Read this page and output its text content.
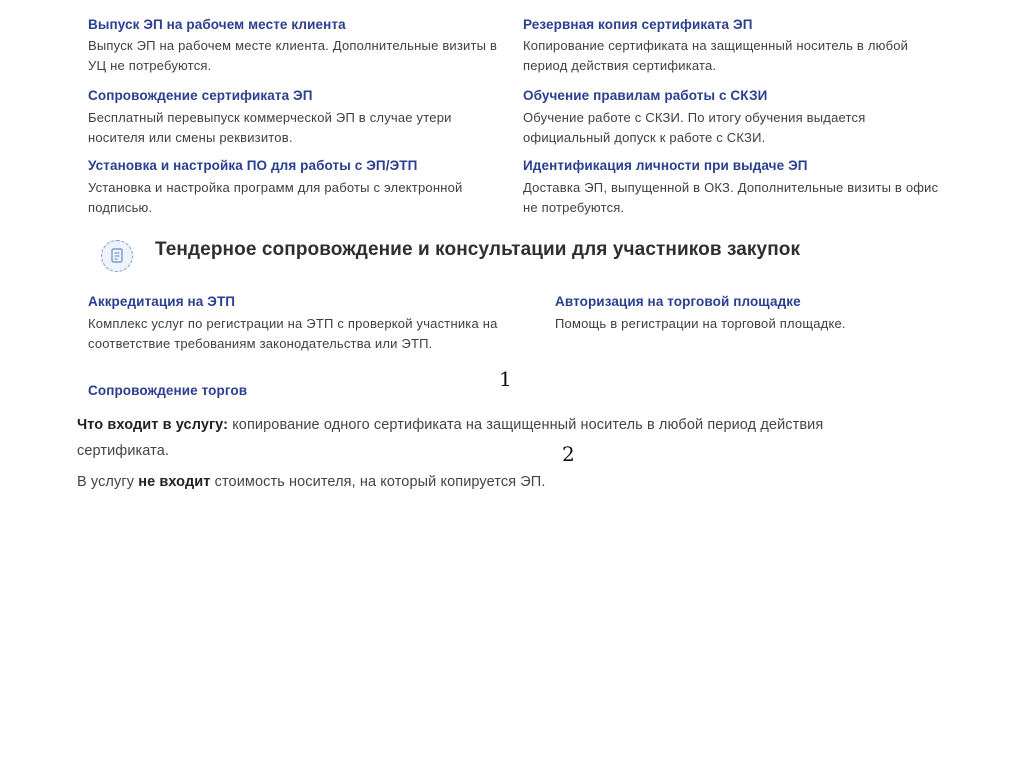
Выпуск ЭП на рабочем месте клиента
Выпуск ЭП на рабочем месте клиента. Дополнительные визиты в УЦ не потребуются.
Резервная копия сертификата ЭП
Копирование сертификата на защищенный носитель в любой период действия сертификата.
Сопровождение сертификата ЭП
Бесплатный перевыпуск коммерческой ЭП в случае утери носителя или смены реквизитов.
Обучение правилам работы с СКЗИ
Обучение работе с СКЗИ. По итогу обучения выдается официальный допуск к работе с СКЗИ.
Установка и настройка ПО для работы с ЭП/ЭТП
Установка и настройка программ для работы с электронной подписью.
Идентификация личности при выдаче ЭП
Доставка ЭП, выпущенной в ОКЗ. Дополнительные визиты в офис не потребуются.
Тендерное сопровождение и консультации для участников закупок
Аккредитация на ЭТП
Комплекс услуг по регистрации на ЭТП с проверкой участника на соответствие требованиям законодательства или ЭТП.
Авторизация на торговой площадке
Помощь в регистрации на торговой площадке.
Сопровождение торгов	1
2
Что входит в услугу: копирование одного сертификата на защищенный носитель в любой период действия сертификата.
В услугу не входит стоимость носителя, на который копируется ЭП.
